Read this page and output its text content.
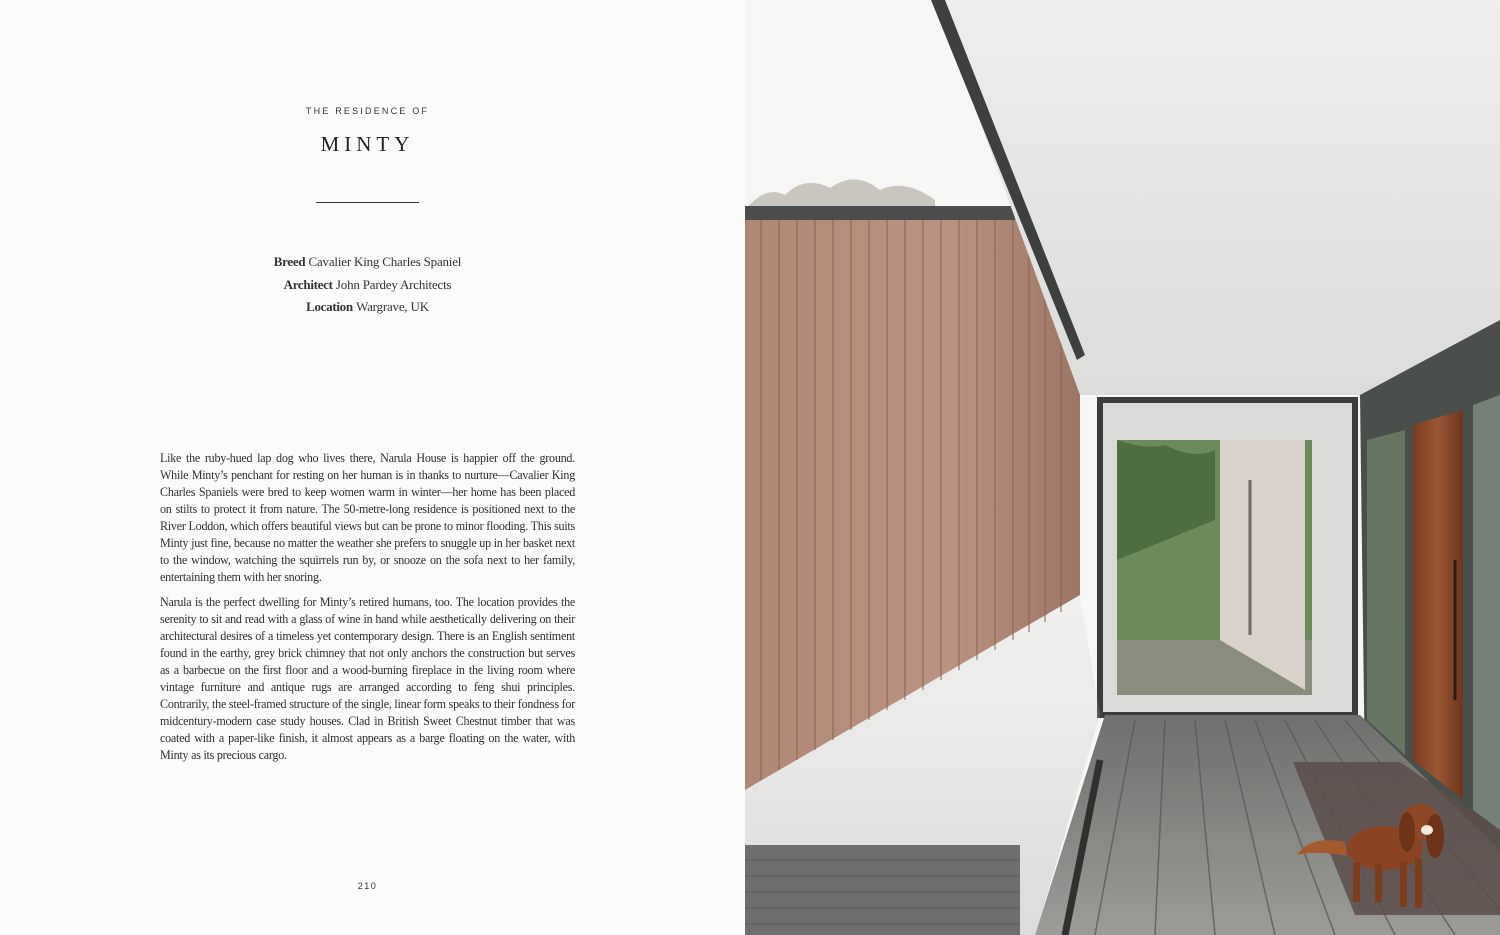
THE RESIDENCE OF
MINTY
Breed Cavalier King Charles Spaniel
Architect John Pardey Architects
Location Wargrave, UK

Like the ruby-hued lap dog who lives there, Narula House is happier off the ground. While Minty’s penchant for resting on her human is in thanks to nurture—Cavalier King Charles Spaniels were bred to keep women warm in winter—her home has been placed on stilts to protect it from nature. The 50-metre-long residence is positioned next to the River Loddon, which offers beautiful views but can be prone to minor flooding. This suits Minty just fine, because no matter the weather she prefers to snuggle up in her basket next to the window, watching the squirrels run by, or snooze on the sofa next to her family, entertaining them with her snoring.

Narula is the perfect dwelling for Minty’s retired humans, too. The location provides the serenity to sit and read with a glass of wine in hand while aesthetically delivering on their architectural desires of a timeless yet contemporary design. There is an English sentiment found in the earthy, grey brick chimney that not only anchors the construction but serves as a barbecue on the first floor and a wood-burning fireplace in the living room where vintage furniture and antique rugs are arranged according to feng shui principles. Contrarily, the steel-framed structure of the single, linear form speaks to their fondness for midcentury-modern case study houses. Clad in British Sweet Chestnut timber that was coated with a paper-like finish, it almost appears as a barge floating on the water, with Minty as its precious cargo.

210
